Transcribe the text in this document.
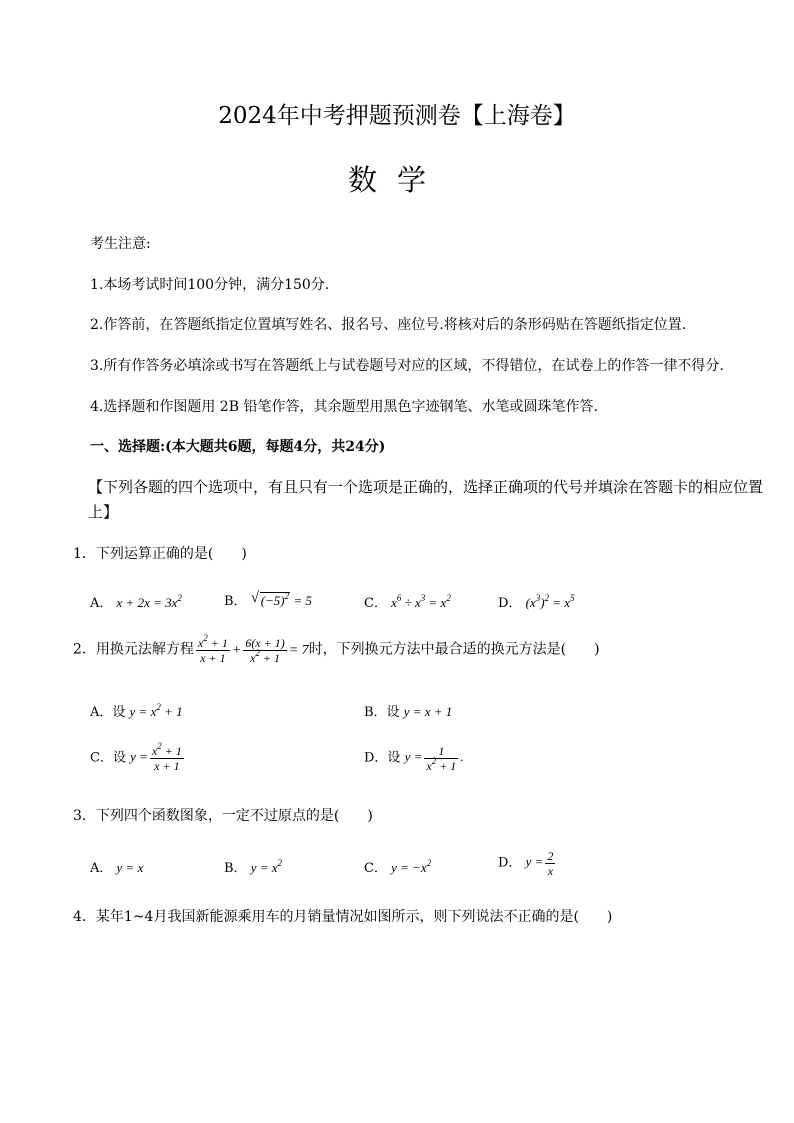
2024年中考押题预测卷【上海卷】
数学
考生注意:
1.本场考试时间100分钟，满分150分.
2.作答前，在答题纸指定位置填写姓名、报名号、座位号.将核对后的条形码贴在答题纸指定位置.
3.所有作答务必填涂或书写在答题纸上与试卷题号对应的区域，不得错位，在试卷上的作答一律不得分.
4.选择题和作图题用 2B 铅笔作答，其余题型用黑色字迹钢笔、水笔或圆珠笔作答.
一、选择题:(本大题共6题，每题4分，共24分)
【下列各题的四个选项中，有且只有一个选项是正确的，选择正确项的代号并填涂在答题卡的相应位置
上】
1．下列运算正确的是(　　)
A． $x + 2x = 3x^2$	B． √ $(-5)^2 = 5$	C． $x^6 \div x^3 = x^2$	D． $(x^3)^2 = x^5$
2．用换元法解方程 $\frac{x^2 + 1}{x + 1} + \frac{6(x + 1)}{x^2 + 1} = 7$时，下列换元方法中最合适的换元方法是(　　)
A．设 $y = x^2 + 1$	B．设 y = x + 1
C．设 $y = \frac{x^2 + 1}{x + 1}$	D．设 $y = \frac{1}{x^2 + 1}$ .
3．下列四个函数图象，一定不过原点的是(　　)
A． y = x	B． $y = x^2$	C． $y = -x^2$	D． $y = \frac{2}{x}$
4．某年1~4月我国新能源乘用车的月销量情况如图所示，则下列说法不正确的是(　　)
